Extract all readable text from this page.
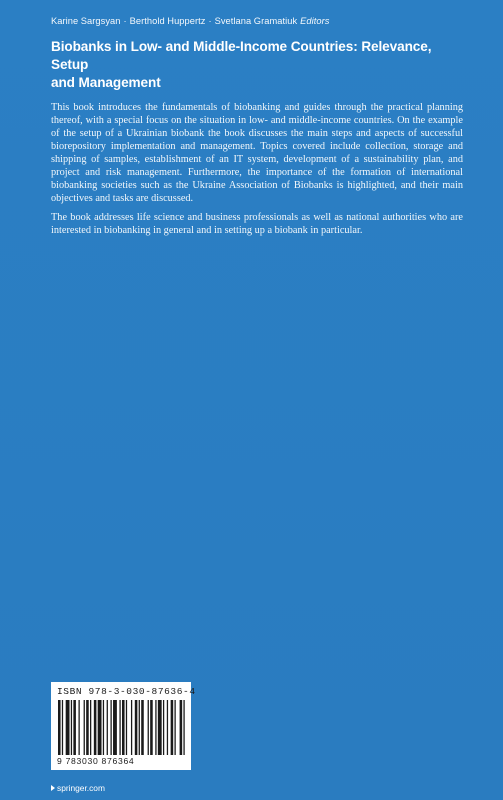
Karine Sargsyan · Berthold Huppertz · Svetlana Gramatiuk Editors
Biobanks in Low- and Middle-Income Countries: Relevance, Setup
and Management

This book introduces the fundamentals of biobanking and guides through the practical planning thereof, with a special focus on the situation in low- and middle-income countries. On the example of the setup of a Ukrainian biobank the book discusses the main steps and aspects of successful biorepository implementation and management. Topics covered include collection, storage and shipping of samples, establishment of an IT system, development of a sustainability plan, and project and risk management. Furthermore, the importance of the formation of international biobanking societies such as the Ukraine Association of Biobanks is highlighted, and their main objectives and tasks are discussed.

The book addresses life science and business professionals as well as national authorities who are interested in biobanking in general and in setting up a biobank in particular.

ISBN 978-3-030-87636-4
9 783030 876364
springer.com
